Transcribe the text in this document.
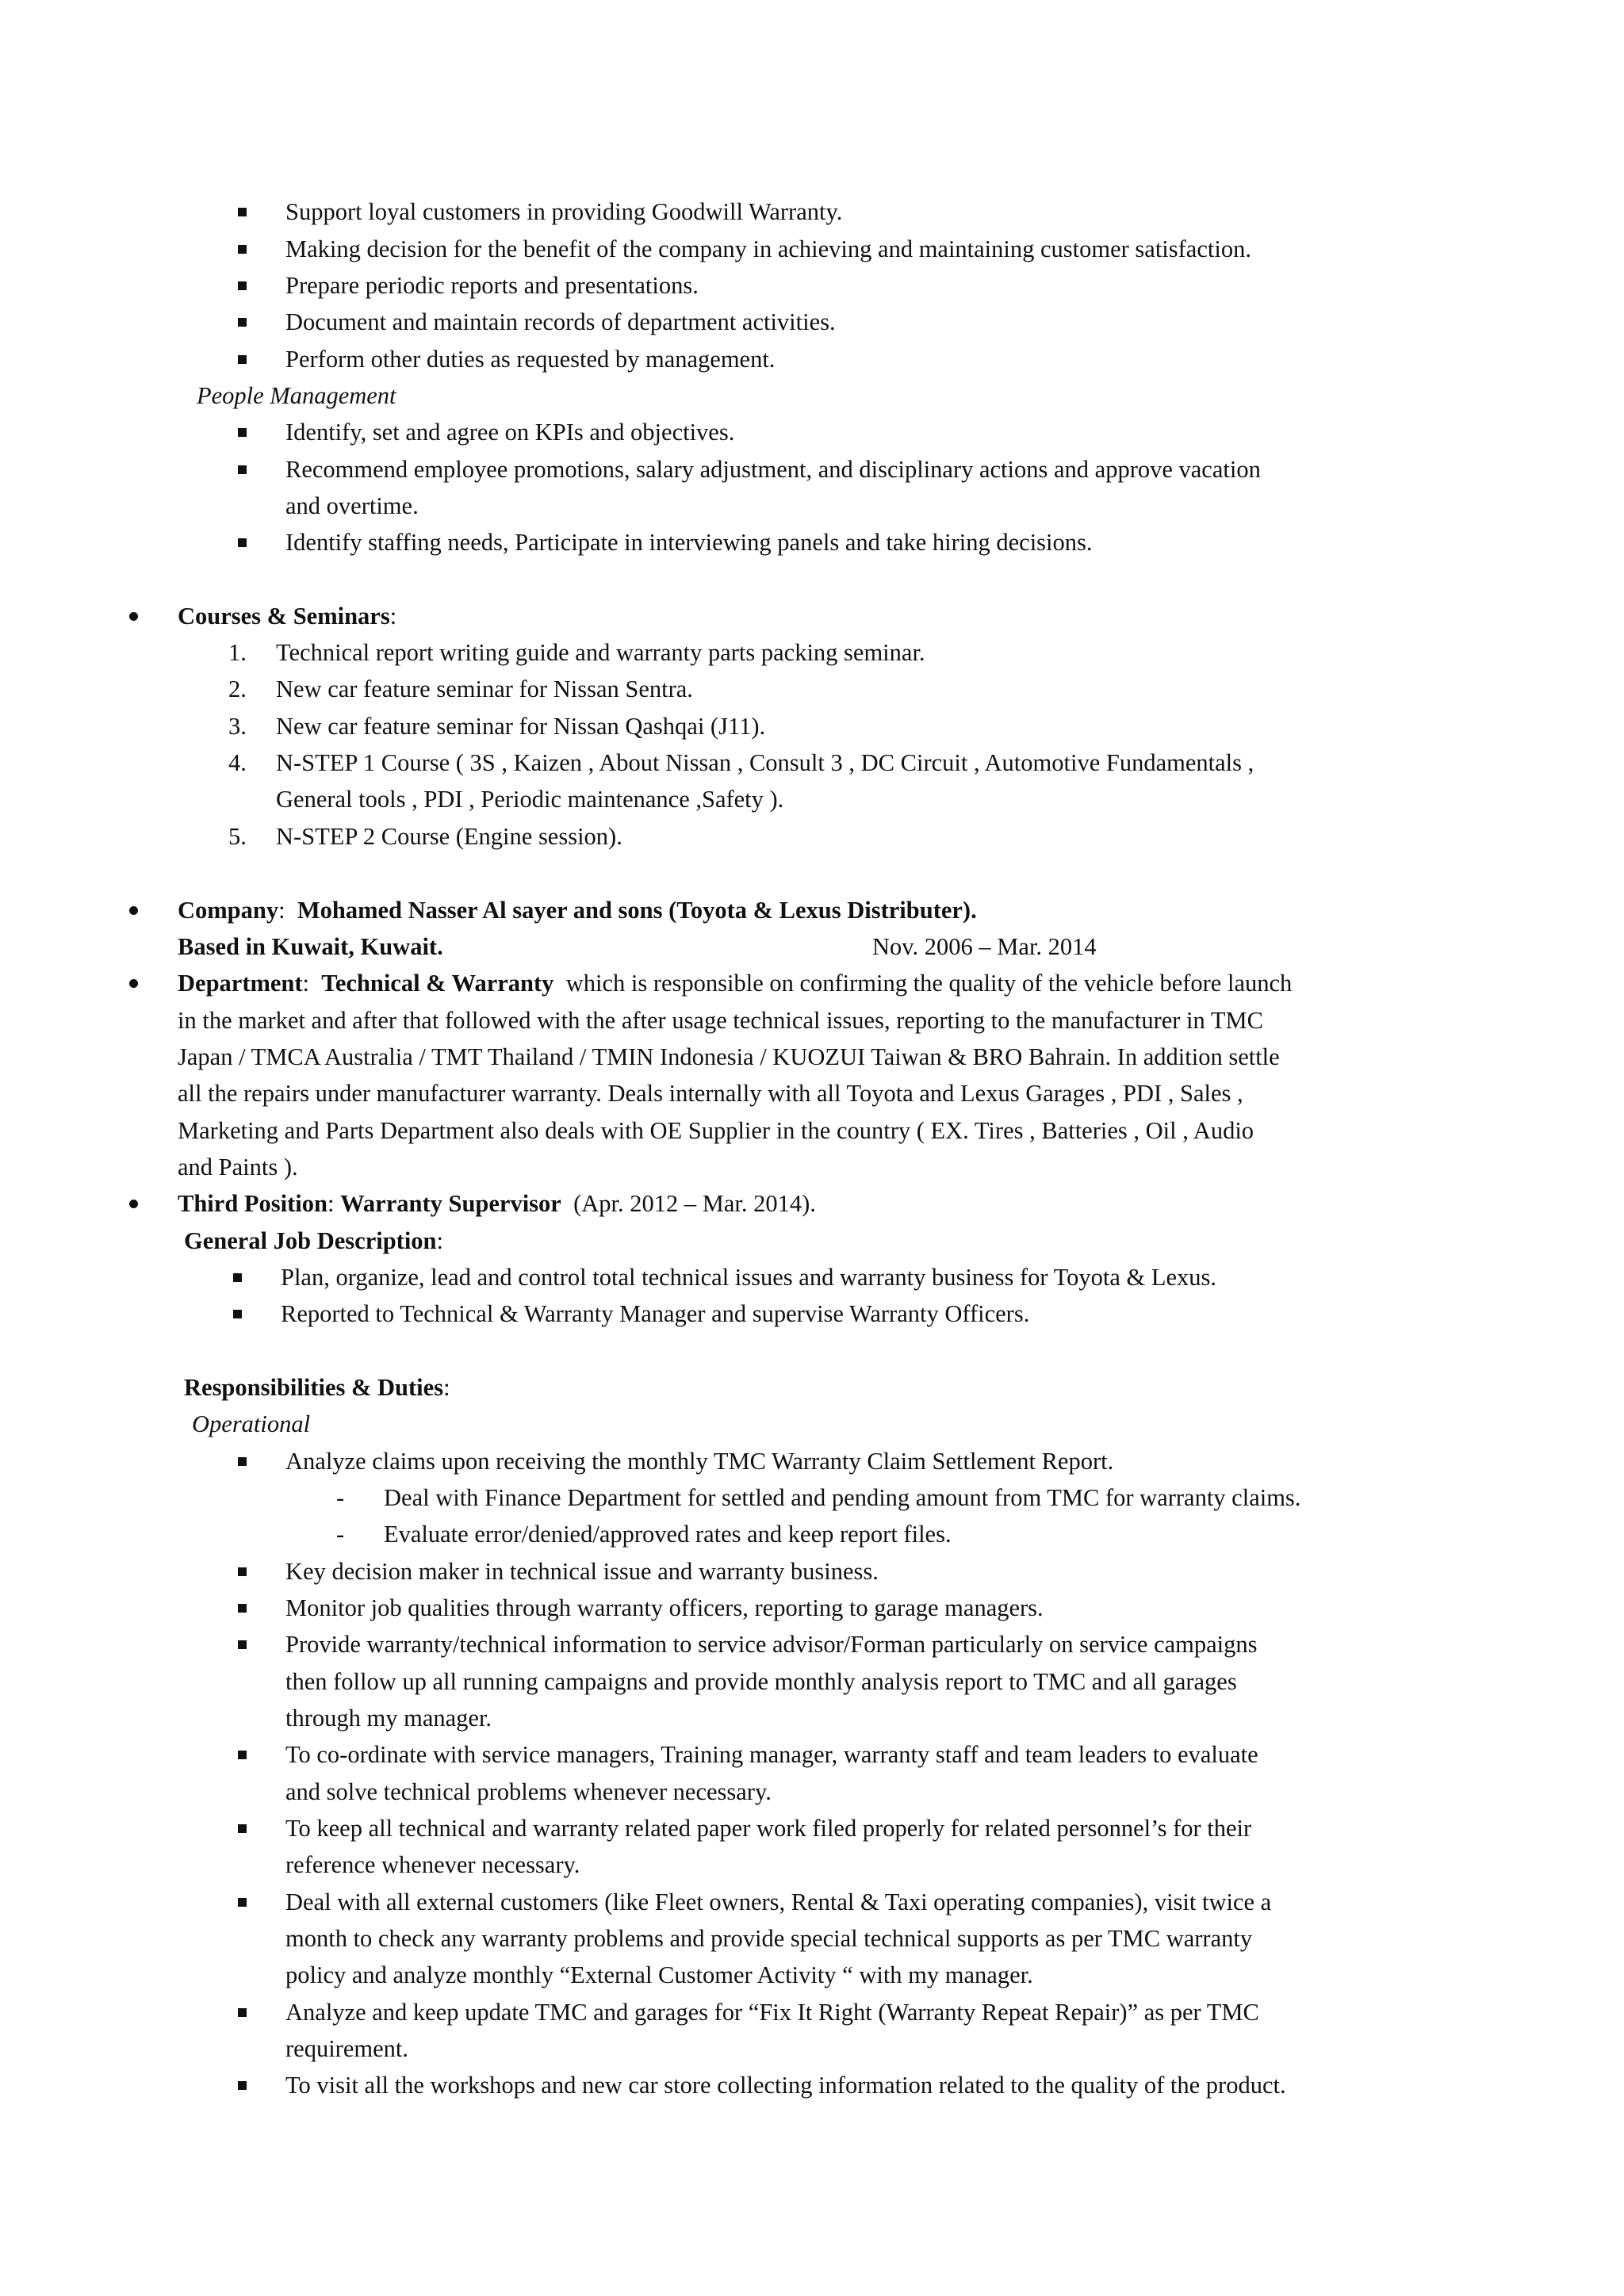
Support loyal customers in providing Goodwill Warranty.
Making decision for the benefit of the company in achieving and maintaining customer satisfaction.
Prepare periodic reports and presentations.
Document and maintain records of department activities.
Perform other duties as requested by management.
People Management
Identify, set and agree on KPIs and objectives.
Recommend employee promotions, salary adjustment, and disciplinary actions and approve vacation
and overtime.
Identify staffing needs, Participate in interviewing panels and take hiring decisions.
Courses & Seminars:
1. Technical report writing guide and warranty parts packing seminar.
2. New car feature seminar for Nissan Sentra.
3. New car feature seminar for Nissan Qashqai (J11).
4. N-STEP 1 Course ( 3S , Kaizen , About Nissan , Consult 3 , DC Circuit , Automotive Fundamentals ,
General tools , PDI , Periodic maintenance ,Safety ).
5. N-STEP 2 Course (Engine session).
Company: Mohamed Nasser Al sayer and sons (Toyota & Lexus Distributer).
Based in Kuwait, Kuwait.	Nov. 2006 – Mar. 2014
Department: Technical & Warranty which is responsible on confirming the quality of the vehicle before launch
in the market and after that followed with the after usage technical issues, reporting to the manufacturer in TMC
Japan / TMCA Australia / TMT Thailand / TMIN Indonesia / KUOZUI Taiwan & BRO Bahrain. In addition settle
all the repairs under manufacturer warranty. Deals internally with all Toyota and Lexus Garages , PDI , Sales ,
Marketing and Parts Department also deals with OE Supplier in the country ( EX. Tires , Batteries , Oil , Audio
and Paints ).
Third Position: Warranty Supervisor (Apr. 2012 – Mar. 2014).
General Job Description:
Plan, organize, lead and control total technical issues and warranty business for Toyota & Lexus.
Reported to Technical & Warranty Manager and supervise Warranty Officers.
Responsibilities & Duties:
Operational
Analyze claims upon receiving the monthly TMC Warranty Claim Settlement Report.
- Deal with Finance Department for settled and pending amount from TMC for warranty claims.
- Evaluate error/denied/approved rates and keep report files.
Key decision maker in technical issue and warranty business.
Monitor job qualities through warranty officers, reporting to garage managers.
Provide warranty/technical information to service advisor/Forman particularly on service campaigns
then follow up all running campaigns and provide monthly analysis report to TMC and all garages
through my manager.
To co-ordinate with service managers, Training manager, warranty staff and team leaders to evaluate
and solve technical problems whenever necessary.
To keep all technical and warranty related paper work filed properly for related personnel’s for their
reference whenever necessary.
Deal with all external customers (like Fleet owners, Rental & Taxi operating companies), visit twice a
month to check any warranty problems and provide special technical supports as per TMC warranty
policy and analyze monthly “External Customer Activity “ with my manager.
Analyze and keep update TMC and garages for “Fix It Right (Warranty Repeat Repair)” as per TMC
requirement.
To visit all the workshops and new car store collecting information related to the quality of the product.
